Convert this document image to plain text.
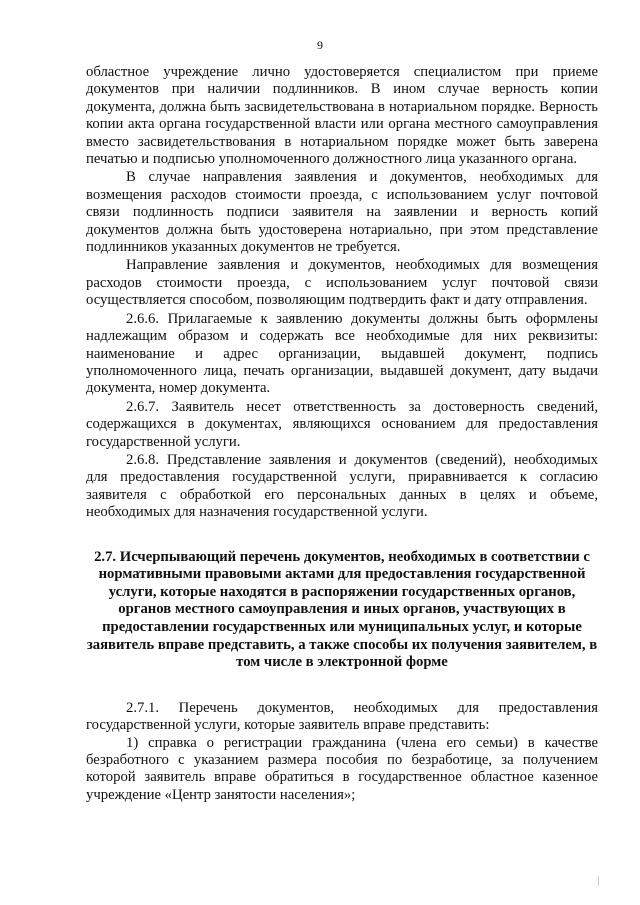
9

областное учреждение лично удостоверяется специалистом при приеме документов при наличии подлинников. В ином случае верность копии документа, должна быть засвидетельствована в нотариальном порядке. Верность копии акта органа государственной власти или органа местного самоуправления вместо засвидетельствования в нотариальном порядке может быть заверена печатью и подписью уполномоченного должностного лица указанного органа.

В случае направления заявления и документов, необходимых для возмещения расходов стоимости проезда, с использованием услуг почтовой связи подлинность подписи заявителя на заявлении и верность копий документов должна быть удостоверена нотариально, при этом представление подлинников указанных документов не требуется.

Направление заявления и документов, необходимых для возмещения расходов стоимости проезда, с использованием услуг почтовой связи осуществляется способом, позволяющим подтвердить факт и дату отправления.

2.6.6. Прилагаемые к заявлению документы должны быть оформлены надлежащим образом и содержать все необходимые для них реквизиты: наименование и адрес организации, выдавшей документ, подпись уполномоченного лица, печать организации, выдавшей документ, дату выдачи документа, номер документа.

2.6.7. Заявитель несет ответственность за достоверность сведений, содержащихся в документах, являющихся основанием для предоставления государственной услуги.

2.6.8. Представление заявления и документов (сведений), необходимых для предоставления государственной услуги, приравнивается к согласию заявителя с обработкой его персональных данных в целях и объеме, необходимых для назначения государственной услуги.

2.7. Исчерпывающий перечень документов, необходимых в соответствии с нормативными правовыми актами для предоставления государственной услуги, которые находятся в распоряжении государственных органов, органов местного самоуправления и иных органов, участвующих в предоставлении государственных или муниципальных услуг, и которые заявитель вправе представить, а также способы их получения заявителем, в том числе в электронной форме

2.7.1. Перечень документов, необходимых для предоставления государственной услуги, которые заявитель вправе представить:

1) справка о регистрации гражданина (члена его семьи) в качестве безработного с указанием размера пособия по безработице, за получением которой заявитель вправе обратиться в государственное областное казенное учреждение «Центр занятости населения»;
